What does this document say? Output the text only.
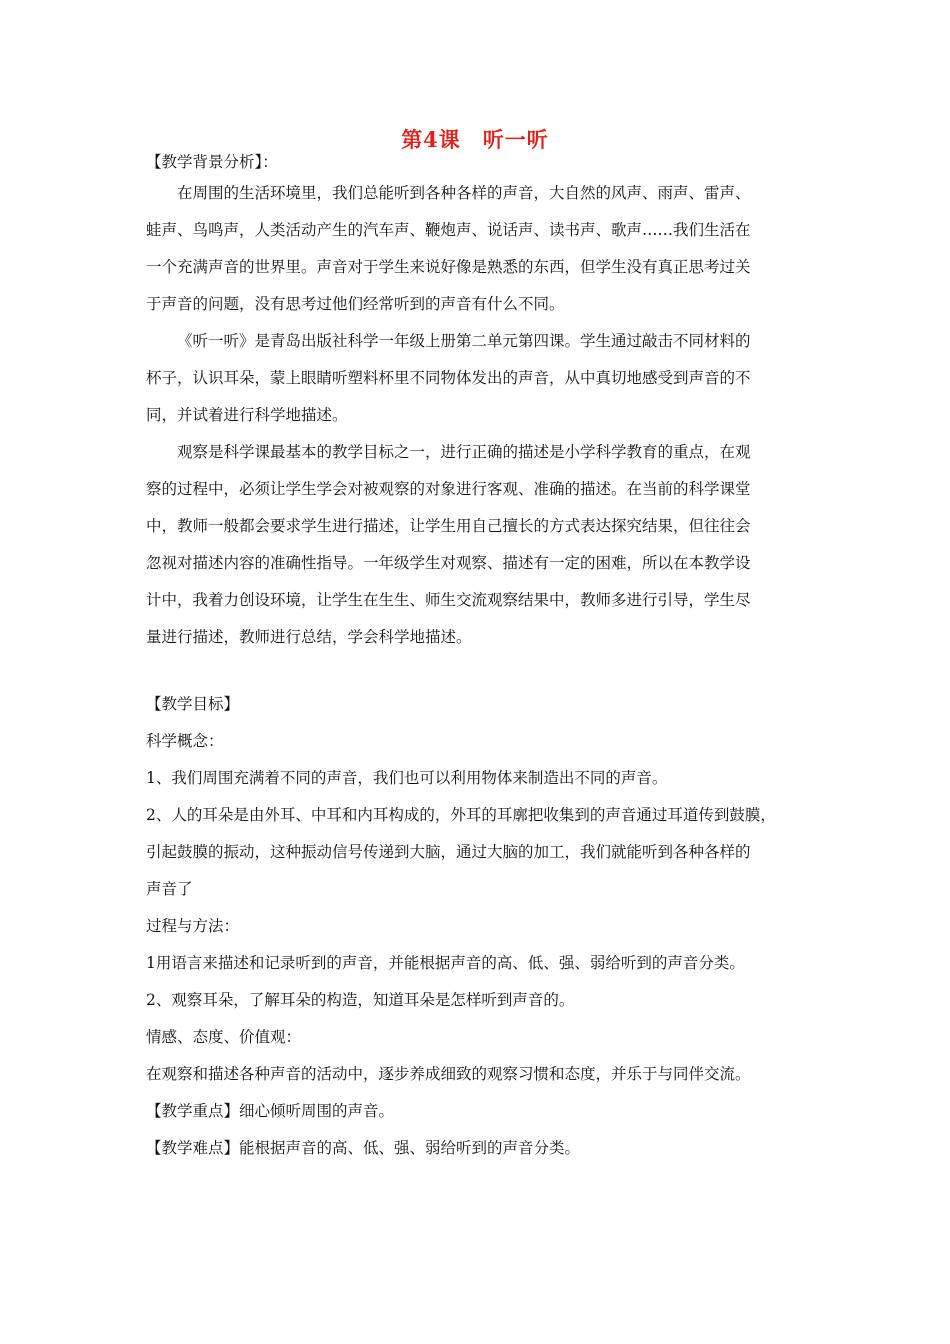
第4课 听一听
【教学背景分析】：
在周围的生活环境里，我们总能听到各种各样的声音，大自然的风声、雨声、雷声、
蛙声、鸟鸣声，人类活动产生的汽车声、鞭炮声、说话声、读书声、歌声……我们生活在
一个充满声音的世界里。声音对于学生来说好像是熟悉的东西，但学生没有真正思考过关
于声音的问题，没有思考过他们经常听到的声音有什么不同。
《听一听》是青岛出版社科学一年级上册第二单元第四课。学生通过敲击不同材料的
杯子，认识耳朵，蒙上眼睛听塑料杯里不同物体发出的声音，从中真切地感受到声音的不
同，并试着进行科学地描述。
观察是科学课最基本的教学目标之一，进行正确的描述是小学科学教育的重点，在观
察的过程中，必须让学生学会对被观察的对象进行客观、准确的描述。在当前的科学课堂
中，教师一般都会要求学生进行描述，让学生用自己擅长的方式表达探究结果，但往往会
忽视对描述内容的准确性指导。一年级学生对观察、描述有一定的困难，所以在本教学设
计中，我着力创设环境，让学生在生生、师生交流观察结果中，教师多进行引导，学生尽
量进行描述，教师进行总结，学会科学地描述。
【教学目标】
科学概念：
1、我们周围充满着不同的声音，我们也可以利用物体来制造出不同的声音。
2、人的耳朵是由外耳、中耳和内耳构成的，外耳的耳廓把收集到的声音通过耳道传到鼓膜，
引起鼓膜的振动，这种振动信号传递到大脑，通过大脑的加工，我们就能听到各种各样的
声音了
过程与方法：
1用语言来描述和记录听到的声音，并能根据声音的高、低、强、弱给听到的声音分类。
2、观察耳朵，了解耳朵的构造，知道耳朵是怎样听到声音的。
情感、态度、价值观：
在观察和描述各种声音的活动中，逐步养成细致的观察习惯和态度，并乐于与同伴交流。
【教学重点】细心倾听周围的声音。
【教学难点】能根据声音的高、低、强、弱给听到的声音分类。
